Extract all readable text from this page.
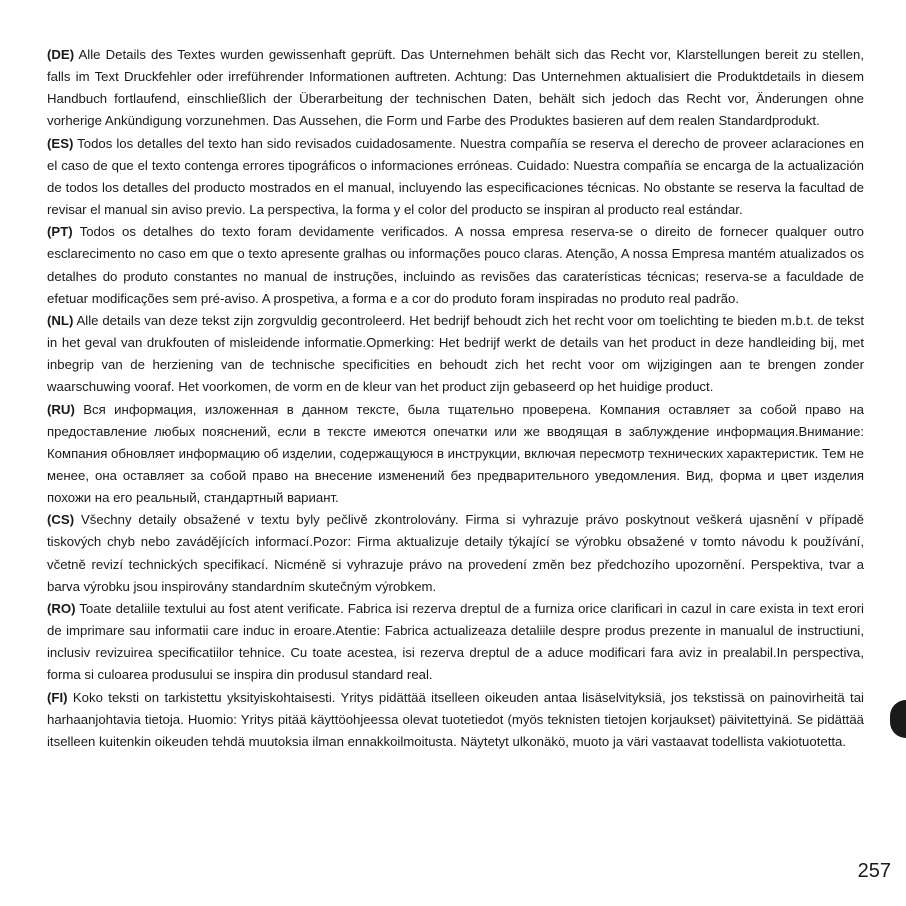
(DE) Alle Details des Textes wurden gewissenhaft geprüft. Das Unternehmen behält sich das Recht vor, Klarstellungen bereit zu stellen, falls im Text Druckfehler oder irreführender Informationen auftreten. Achtung: Das Unternehmen aktualisiert die Produktdetails in diesem Handbuch fortlaufend, einschließlich der Überarbeitung der technischen Daten, behält sich jedoch das Recht vor, Änderungen ohne vorherige Ankündigung vorzunehmen. Das Aussehen, die Form und Farbe des Produktes basieren auf dem realen Standardprodukt.

(ES) Todos los detalles del texto han sido revisados cuidadosamente. Nuestra compañía se reserva el derecho de proveer aclaraciones en el caso de que el texto contenga errores tipográficos o informaciones erróneas. Cuidado: Nuestra compañía se encarga de la actualización de todos los detalles del producto mostrados en el manual, incluyendo las especificaciones técnicas. No obstante se reserva la facultad de revisar el manual sin aviso previo. La perspectiva, la forma y el color del producto se inspiran al producto real estándar.

(PT) Todos os detalhes do texto foram devidamente verificados. A nossa empresa reserva-se o direito de fornecer qualquer outro esclarecimento no caso em que o texto apresente gralhas ou informações pouco claras. Atenção, A nossa Empresa mantém atualizados os detalhes do produto constantes no manual de instruções, incluindo as revisões das caraterísticas técnicas; reserva-se a faculdade de efetuar modificações sem pré-aviso. A prospetiva, a forma e a cor do produto foram inspiradas no produto real padrão.

(NL) Alle details van deze tekst zijn zorgvuldig gecontroleerd. Het bedrijf behoudt zich het recht voor om toelichting te bieden m.b.t. de tekst in het geval van drukfouten of misleidende informatie.Opmerking: Het bedrijf werkt de details van het product in deze handleiding bij, met inbegrip van de herziening van de technische specificities en behoudt zich het recht voor om wijzigingen aan te brengen zonder waarschuwing vooraf. Het voorkomen, de vorm en de kleur van het product zijn gebaseerd op het huidige product.

(RU) Вся информация, изложенная в данном тексте, была тщательно проверена. Компания оставляет за собой право на предоставление любых пояснений, если в тексте имеются опечатки или же вводящая в заблуждение информация.Внимание: Компания обновляет информацию об изделии, содержащуюся в инструкции, включая пересмотр технических характеристик. Тем не менее, она оставляет за собой право на внесение изменений без предварительного уведомления. Вид, форма и цвет изделия похожи на его реальный, стандартный вариант.

(CS) Všechny detaily obsažené v textu byly pečlivě zkontrolovány. Firma si vyhrazuje právo poskytnout veškerá ujasnění v případě tiskových chyb nebo zavádějících informací.Pozor: Firma aktualizuje detaily týkající se výrobku obsažené v tomto návodu k používání, včetně revizí technických specifikací. Nicméně si vyhrazuje právo na provedení změn bez předchozího upozornění. Perspektiva, tvar a barva výrobku jsou inspirovány standardním skutečným výrobkem.

(RO) Toate detaliile textului au fost atent verificate. Fabrica isi rezerva dreptul de a furniza orice clarificari in cazul in care exista in text erori de imprimare sau informatii care induc in eroare.Atentie: Fabrica actualizeaza detaliile despre produs prezente in manualul de instructiuni, inclusiv revizuirea specificatiilor tehnice. Cu toate acestea, isi rezerva dreptul de a aduce modificari fara aviz in prealabil.In perspectiva, forma si culoarea produsului se inspira din produsul standard real.

(FI) Koko teksti on tarkistettu yksityiskohtaisesti. Yritys pidättää itselleen oikeuden antaa lisäselvityksiä, jos tekstissä on painovirheitä tai harhaanjohtavia tietoja. Huomio: Yritys pitää käyttöohjeessa olevat tuotetiedot (myös teknisten tietojen korjaukset) päivitettyinä. Se pidättää itselleen kuitenkin oikeuden tehdä muutoksia ilman ennakkoilmoitusta. Näytetyt ulkonäkö, muoto ja väri vastaavat todellista vakiotuotetta.

257
